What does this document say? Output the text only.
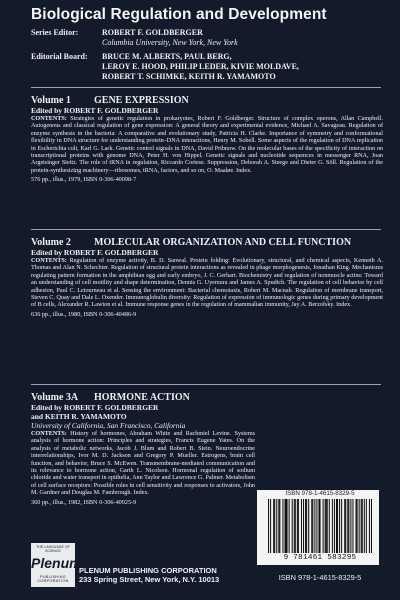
Biological Regulation and Development
Series Editor:	ROBERT F. GOLDBERGER
Columbia University, New York, New York
Editorial Board: BRUCE M. ALBERTS, PAUL BERG,
LEROY E. HOOD, PHILIP LEDER, KIVIE MOLDAVE,
ROBERT T. SCHIMKE, KEITH R. YAMAMOTO
Volume 1	GENE EXPRESSION
Edited by ROBERT F. GOLDBERGER
CONTENTS: Strategies of genetic regulation in prokaryotes, Robert F. Goldberger. Structure of complex operons, Allan Campbell. Autogenous and classical regulation of gene expression: A general theory and experimental evidence, Michael A. Savageau. Regulation of enzyme synthesis in the bacteria: A comparative and evolutionary study, Patricia H. Clarke. Importance of symmetry and conformational flexibility in DNA structure for understanding protein–DNA interactions, Henry M. Sobell. Some aspects of the regulation of DNA replication in Escherichia coli, Karl G. Lark. Genetic control signals in DNA, David Pribnow. On the molecular bases of the specificity of interaction on transcriptional proteins with genome DNA, Peter H. von Hippel. Genetic signals and nucleotide sequences in messenger RNA, Joan Argetsinger Steitz. The role of tRNA in regulation, Riccardo Cortese. Suppression, Deborah A. Steege and Dieter G. Söll. Regulation of the protein-synthesizing machinery—ribosomes, tRNA, factors, and so on, O. Maaløe. Index.
576 pp., illus., 1979, ISBN 0-306-40098-7
Volume 2	MOLECULAR ORGANIZATION AND CELL FUNCTION
Edited by ROBERT F. GOLDBERGER
CONTENTS: Regulation of enzyme activity, B. D. Sanwal. Protein folding: Evolutionary, structural, and chemical aspects, Kenneth A. Thomas and Alan N. Schechter. Regulation of structural protein interactions as revealed in phage morphogenesis, Jonathan King. Mechanisms regulating pattern formation in the amphibian egg and early embryo, J. C. Gerhart. Biochemistry and regulation of nonmuscle actins: Toward an understanding of cell motility and shape determination, Dennis G. Uyemura and James A. Spudich. The regulation of cell behavior by cell adhesion, Paul C. Letourneau et al. Sensing the environment: Bacterial chemotaxis, Robert M. Macnab. Regulation of membrane transport, Steven C. Quay and Dale L. Oxender. Immunoglobulin diversity: Regulation of expression of immunologic genes during primary development of B cells, Alexander R. Lawton et al. Immune response genes in the regulation of mammalian immunity, Jay A. Berzofsky. Index.
636 pp., illus., 1980, ISBN 0-306-40486-9
Volume 3A	HORMONE ACTION
Edited by ROBERT F. GOLDBERGER
and KEITH R. YAMAMOTO
University of California, San Francisco, California
CONTENTS: History of hormones, Abraham White and Rachmiel Levine. Systems analysis of hormone action: Principles and strategies, Francis Eugene Yates. On the analysis of metabolic networks, Jacob J. Blum and Robert B. Stein. Neuroendocrine interrelationships, Ivor M. D. Jackson and Gregory P. Mueller. Estrogens, brain cell function, and behavior, Bruce S. McEwen. Transmembrane-mediated communication and its relevance to hormone action, Garth L. Nicolson. Hormonal regulation of sodium chloride and water transport in epithelia, Ann Taylor and Lawrence G. Palmer. Metabolism of cell surface receptors: Possible roles in cell sensitivity and responses to activators, John M. Gardner and Douglas M. Fambrough. Index.
360 pp., illus., 1982, ISBN 0-306-40925-9
ISBN 978-1-4615-8329-5
9 781461 583295
ISBN 978-1-4615-8329-5
THE LANGUAGE OF SCIENCE
Plenum
PUBLISHING CORPORATION
PLENUM PUBLISHING CORPORATION
233 Spring Street, New York, N.Y. 10013
